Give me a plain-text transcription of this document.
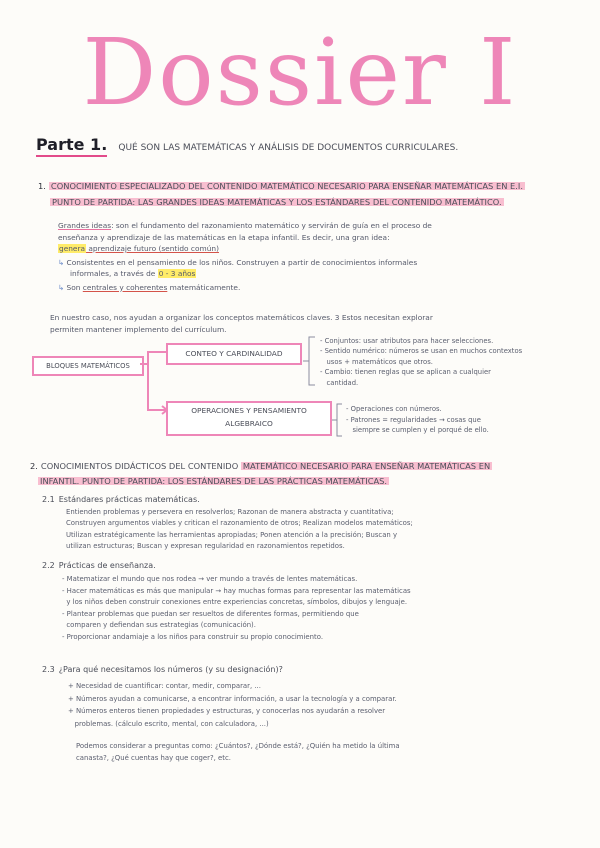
Dossier I
Parte 1. QUÉ SON LAS MATEMÁTICAS Y ANÁLISIS DE DOCUMENTOS CURRICULARES.
1. CONOCIMIENTO ESPECIALIZADO DEL CONTENIDO MATEMÁTICO NECESARIO PARA ENSEÑAR MATEMÁTICAS EN E.I.
PUNTO DE PARTIDA: LAS GRANDES IDEAS MATEMÁTICAS Y LOS ESTÁNDARES DEL CONTENIDO MATEMÁTICO.
Grandes ideas: son el fundamento del razonamiento matemático y servirán de guía en el proceso de
enseñanza y aprendizaje de las matemáticas en la etapa infantil. Es decir, una gran idea:
genera aprendizaje futuro (sentido común)
↳ Consistentes en el pensamiento de los niños. Construyen a partir de conocimientos informales
informales, a través de 0 - 3 años
↳ Son centrales y coherentes matemáticamente.
En nuestro caso, nos ayudan a organizar los conceptos matemáticos claves. 3 Estos necesitan explorar
permiten mantener implemento del currículum.
BLOQUES MATEMÁTICOS
CONTEO Y CARDINALIDAD
OPERACIONES Y PENSAMIENTO ALGEBRAICO
- Conjuntos: usar atributos para hacer selecciones.
- Sentido numérico: números se usan en muchos contextos
usos + matemáticos que otros.
- Cambio: tienen reglas que se aplican a cualquier
cantidad.
- Operaciones con números.
- Patrones = regularidades → cosas que
siempre se cumplen y el porqué de ello.
2. CONOCIMIENTOS DIDÁCTICOS DEL CONTENIDO MATEMÁTICO NECESARIO PARA ENSEÑAR MATEMÁTICAS EN
INFANTIL. PUNTO DE PARTIDA: LOS ESTÁNDARES DE LAS PRÁCTICAS MATEMÁTICAS.
2.1 Estándares prácticas matemáticas.
Entienden problemas y persevera en resolverlos; Razonan de manera abstracta y cuantitativa;
Construyen argumentos viables y critican el razonamiento de otros; Realizan modelos matemáticos;
Utilizan estratégicamente las herramientas apropiadas; Ponen atención a la precisión; Buscan y
utilizan estructuras; Buscan y expresan regularidad en razonamientos repetidos.
2.2 Prácticas de enseñanza.
- Matematizar el mundo que nos rodea → ver mundo a través de lentes matemáticas.
- Hacer matemáticas es más que manipular → hay muchas formas para representar las matemáticas
y los niños deben construir conexiones entre experiencias concretas, símbolos, dibujos y lenguaje.
- Plantear problemas que puedan ser resueltos de diferentes formas, permitiendo que
comparen y defiendan sus estrategias (comunicación).
- Proporcionar andamiaje a los niños para construir su propio conocimiento.
2.3 ¿Para qué necesitamos los números (y su designación)?
+ Necesidad de cuantificar: contar, medir, comparar, ...
+ Números ayudan a comunicarse, a encontrar información, a usar la tecnología y a comparar.
+ Números enteros tienen propiedades y estructuras, y conocerlas nos ayudarán a resolver
problemas. (cálculo escrito, mental, con calculadora, ...)
Podemos considerar a preguntas como: ¿Cuántos?, ¿Dónde está?, ¿Quién ha metido la última
canasta?, ¿Qué cuentas hay que coger?, etc.
